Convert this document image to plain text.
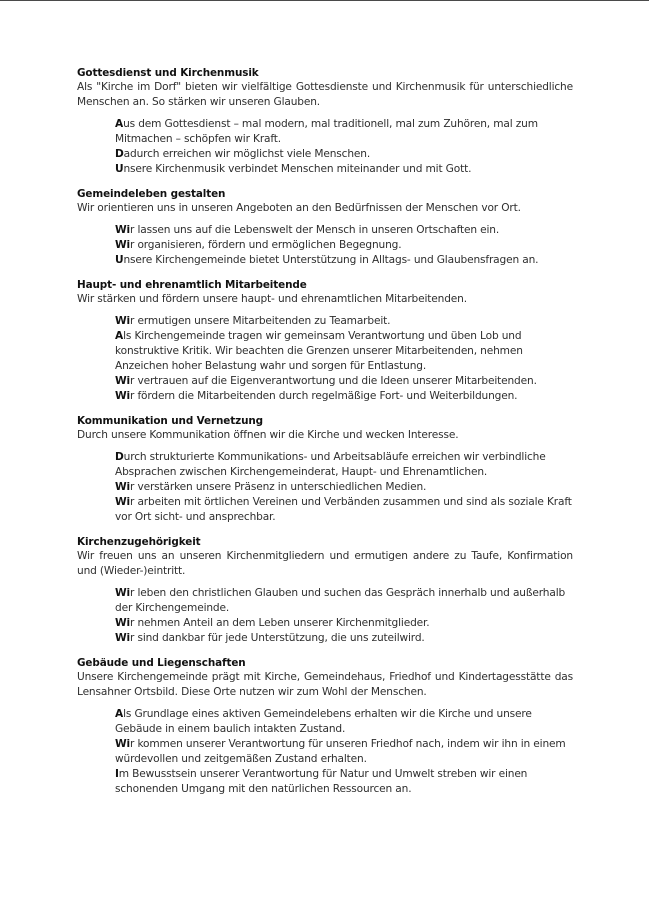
Gottesdienst und Kirchenmusik

Als "Kirche im Dorf" bieten wir vielfältige Gottesdienste und Kirchenmusik für unterschiedliche Menschen an. So stärken wir unseren Glauben.

Aus dem Gottesdienst – mal modern, mal traditionell, mal zum Zuhören, mal zum Mitmachen – schöpfen wir Kraft.
Dadurch erreichen wir möglichst viele Menschen.
Unsere Kirchenmusik verbindet Menschen miteinander und mit Gott.
Gemeindeleben gestalten

Wir orientieren uns in unseren Angeboten an den Bedürfnissen der Menschen vor Ort.

Wir lassen uns auf die Lebenswelt der Mensch in unseren Ortschaften ein.
Wir organisieren, fördern und ermöglichen Begegnung.
Unsere Kirchengemeinde bietet Unterstützung in Alltags- und Glaubensfragen an.
Haupt- und ehrenamtlich Mitarbeitende

Wir stärken und fördern unsere haupt- und ehrenamtlichen Mitarbeitenden.

Wir ermutigen unsere Mitarbeitenden zu Teamarbeit.
Als Kirchengemeinde tragen wir gemeinsam Verantwortung und üben Lob und konstruktive Kritik. Wir beachten die Grenzen unserer Mitarbeitenden, nehmen Anzeichen hoher Belastung wahr und sorgen für Entlastung.
Wir vertrauen auf die Eigenverantwortung und die Ideen unserer Mitarbeitenden.
Wir fördern die Mitarbeitenden durch regelmäßige Fort- und Weiterbildungen.
Kommunikation und Vernetzung

Durch unsere Kommunikation öffnen wir die Kirche und wecken Interesse.

Durch strukturierte Kommunikations- und Arbeitsabläufe erreichen wir verbindliche Absprachen zwischen Kirchengemeinderat, Haupt- und Ehrenamtlichen.
Wir verstärken unsere Präsenz in unterschiedlichen Medien.
Wir arbeiten mit örtlichen Vereinen und Verbänden zusammen und sind als soziale Kraft vor Ort sicht- und ansprechbar.
Kirchenzugehörigkeit

Wir freuen uns an unseren Kirchenmitgliedern und ermutigen andere zu Taufe, Konfirmation und (Wieder-)eintritt.

Wir leben den christlichen Glauben und suchen das Gespräch innerhalb und außerhalb der Kirchengemeinde.
Wir nehmen Anteil an dem Leben unserer Kirchenmitglieder.
Wir sind dankbar für jede Unterstützung, die uns zuteilwird.
Gebäude und Liegenschaften

Unsere Kirchengemeinde prägt mit Kirche, Gemeindehaus, Friedhof und Kindertagesstätte das Lensahner Ortsbild. Diese Orte nutzen wir zum Wohl der Menschen.

Als Grundlage eines aktiven Gemeindelebens erhalten wir die Kirche und unsere Gebäude in einem baulich intakten Zustand.
Wir kommen unserer Verantwortung für unseren Friedhof nach, indem wir ihn in einem würdevollen und zeitgemäßen Zustand erhalten.
Im Bewusstsein unserer Verantwortung für Natur und Umwelt streben wir einen schonenden Umgang mit den natürlichen Ressourcen an.
